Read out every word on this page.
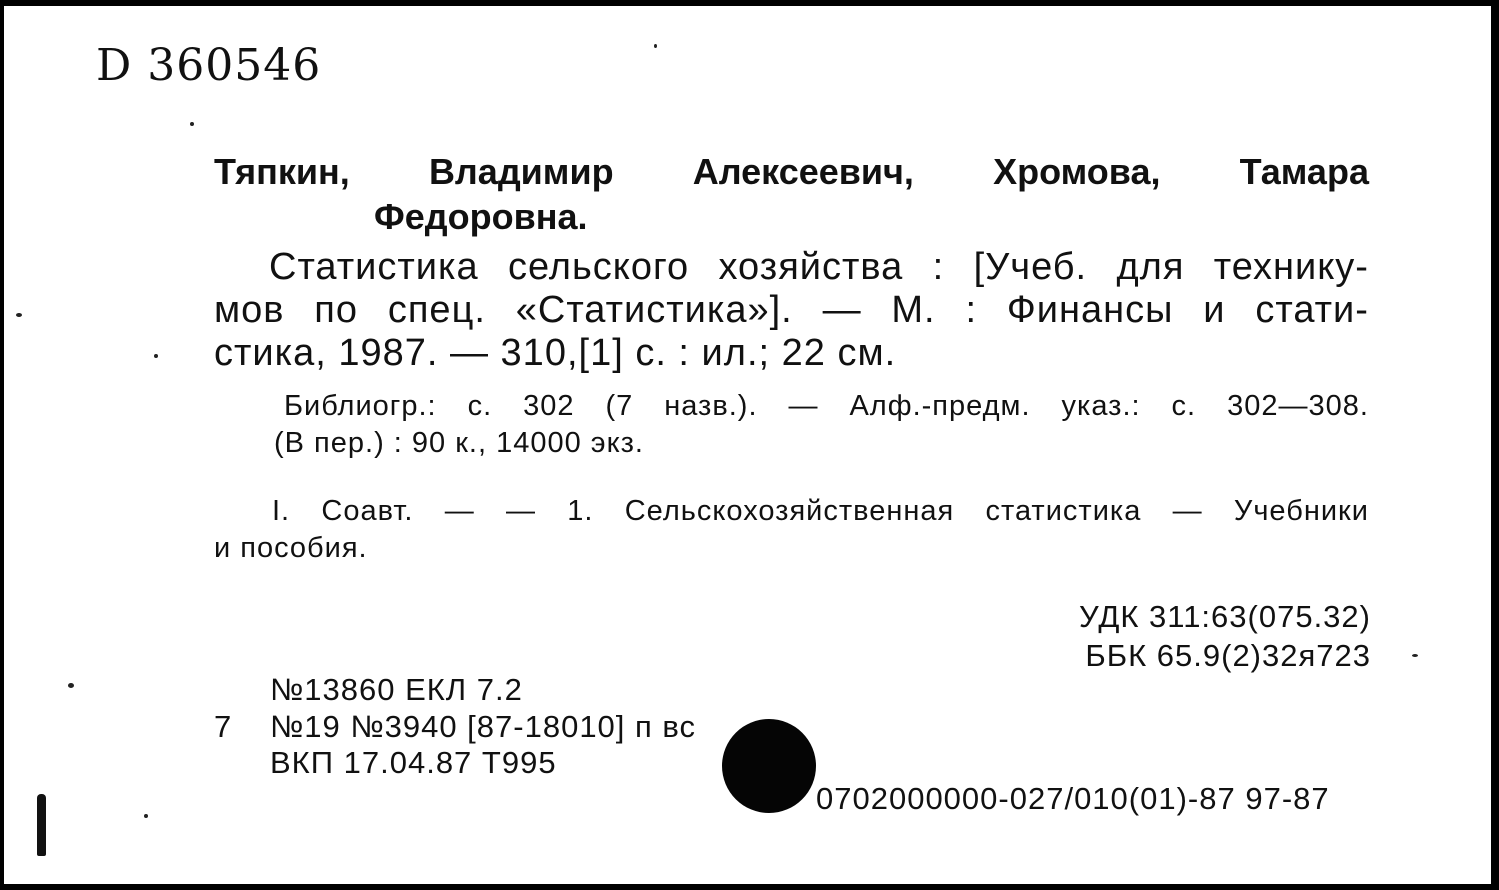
D 360546
Тяпкин, Владимир Алексеевич, Хромова, Тамара
Федоровна.
Статистика сельского хозяйства : [Учеб. для технику-
мов по спец. «Статистика»]. — М. : Финансы и стати-
стика, 1987. — 310,[1] с. : ил.; 22 см.
Библиогр.: с. 302 (7 назв.). — Алф.-предм. указ.: с. 302—308.
(В пер.) : 90 к., 14000 экз.
I. Соавт. — — 1. Сельскохозяйственная статистика — Учебники
и пособия.
УДК 311:63(075.32)
ББК 65.9(2)32я723
№13860 ЕКЛ 7.2
7 №19 №3940 [87-18010] п вс
ВКП 17.04.87 Т995
0702000000-027/010(01)-87 97-87
